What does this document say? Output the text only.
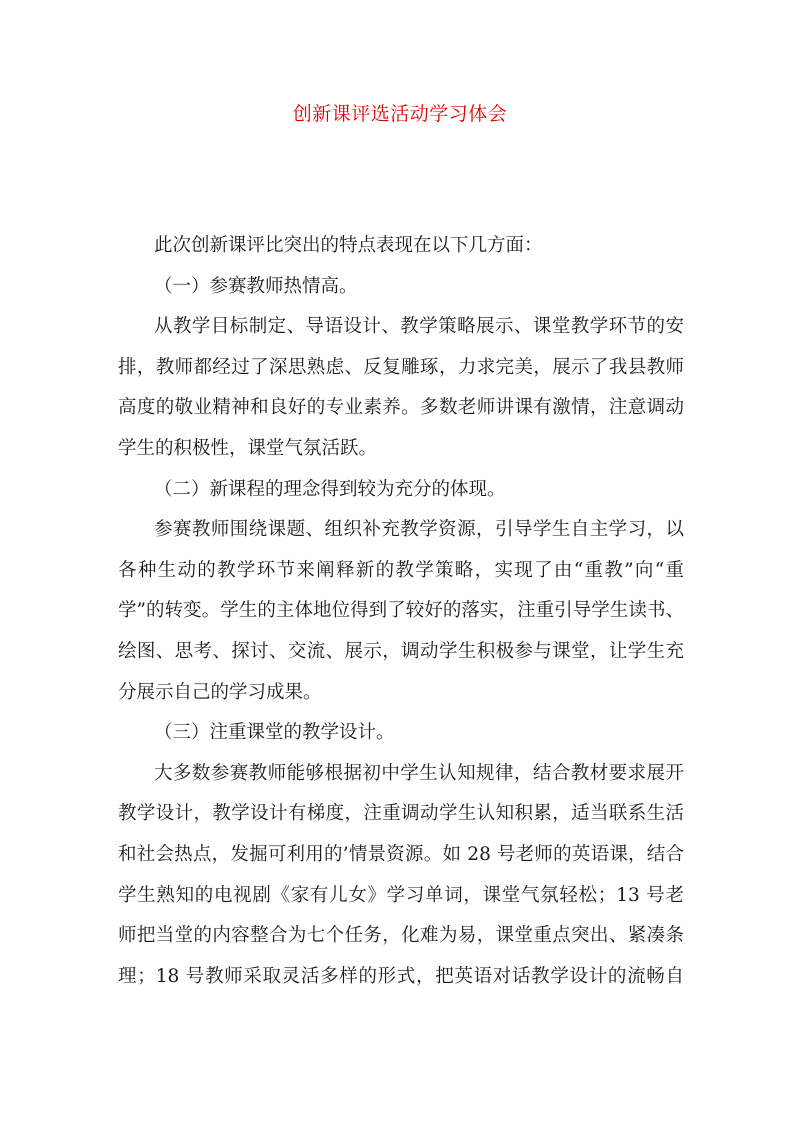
创新课评选活动学习体会
此次创新课评比突出的特点表现在以下几方面：
（一）参赛教师热情高。
从教学目标制定、导语设计、教学策略展示、课堂教学环节的安
排，教师都经过了深思熟虑、反复雕琢，力求完美，展示了我县教师
高度的敬业精神和良好的专业素养。多数老师讲课有激情，注意调动
学生的积极性，课堂气氛活跃。
（二）新课程的理念得到较为充分的体现。
参赛教师围绕课题、组织补充教学资源，引导学生自主学习，以
各种生动的教学环节来阐释新的教学策略，实现了由“重教”向“重
学”的转变。学生的主体地位得到了较好的落实，注重引导学生读书、
绘图、思考、探讨、交流、展示，调动学生积极参与课堂，让学生充
分展示自己的学习成果。
（三）注重课堂的教学设计。
大多数参赛教师能够根据初中学生认知规律，结合教材要求展开
教学设计，教学设计有梯度，注重调动学生认知积累，适当联系生活
和社会热点，发掘可利用的’情景资源。如 28 号老师的英语课，结合
学生熟知的电视剧《家有儿女》学习单词，课堂气氛轻松；13 号老
师把当堂的内容整合为七个任务，化难为易，课堂重点突出、紧凑条
理；18 号教师采取灵活多样的形式，把英语对话教学设计的流畅自
